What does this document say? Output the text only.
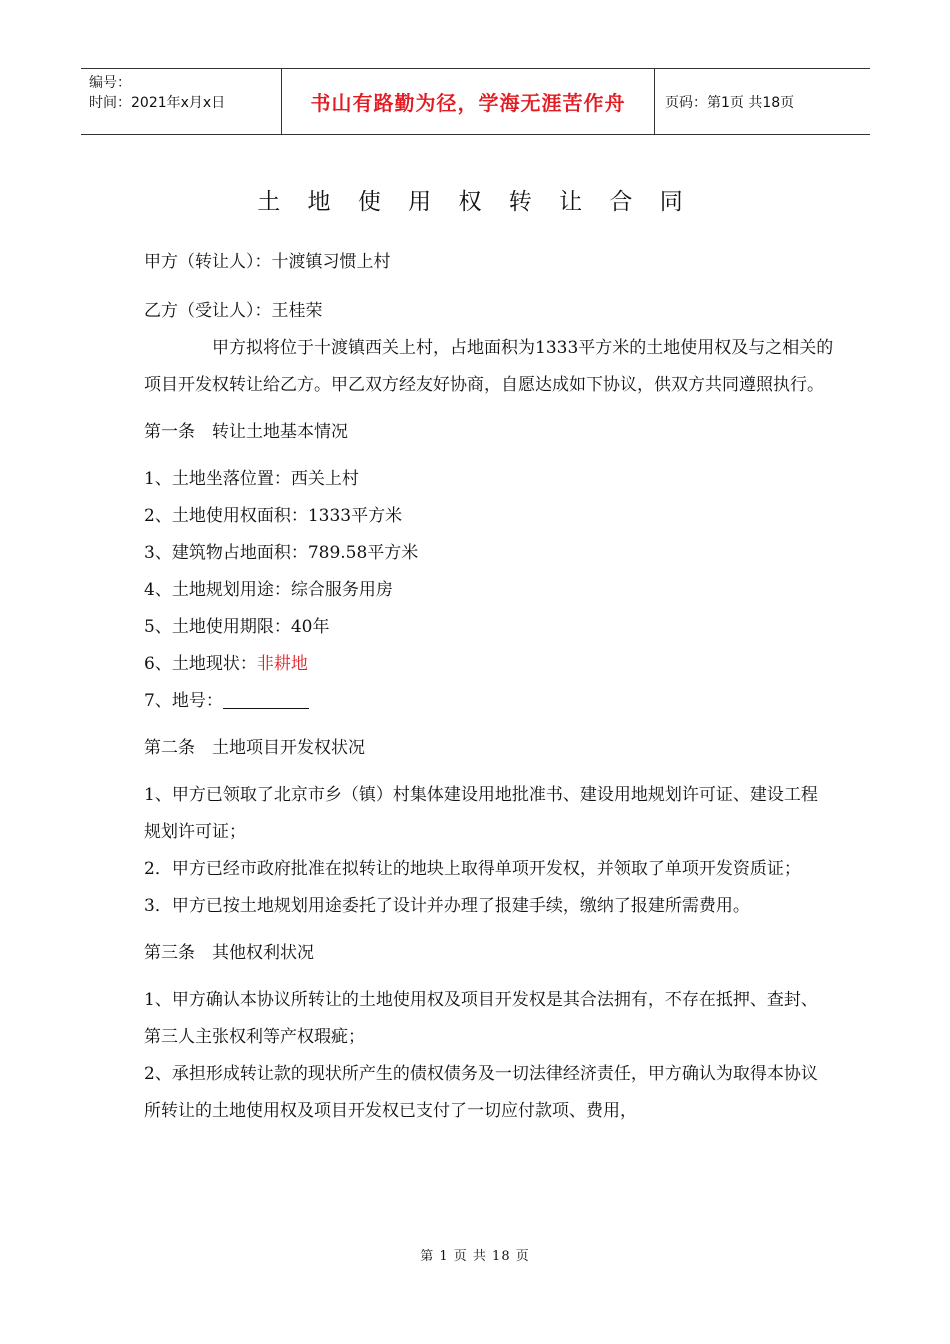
编号：
时间：2021年x月x日	书山有路勤为径，学海无涯苦作舟	页码：第1页 共18页
土 地 使 用 权 转 让 合 同

甲方（转让人）：十渡镇习惯上村

乙方（受让人）：王桂荣

甲方拟将位于十渡镇西关上村，占地面积为1333平方米的土地使用权及与之相关的项目开发权转让给乙方。甲乙双方经友好协商，自愿达成如下协议，供双方共同遵照执行。

第一条　转让土地基本情况

1、土地坐落位置：西关上村

2、土地使用权面积：1333平方米

3、建筑物占地面积：789.58平方米

4、土地规划用途：综合服务用房

5、土地使用期限：40年

6、土地现状：非耕地

7、地号：

第二条　土地项目开发权状况

1、甲方已领取了北京市乡（镇）村集体建设用地批准书、建设用地规划许可证、建设工程规划许可证；

2．甲方已经市政府批准在拟转让的地块上取得单项开发权，并领取了单项开发资质证；

3．甲方已按土地规划用途委托了设计并办理了报建手续，缴纳了报建所需费用。

第三条　其他权利状况

1、甲方确认本协议所转让的土地使用权及项目开发权是其合法拥有，不存在抵押、查封、第三人主张权利等产权瑕疵；

2、承担形成转让款的现状所产生的债权债务及一切法律经济责任，甲方确认为取得本协议所转让的土地使用权及项目开发权已支付了一切应付款项、费用，

第 1 页 共 18 页
